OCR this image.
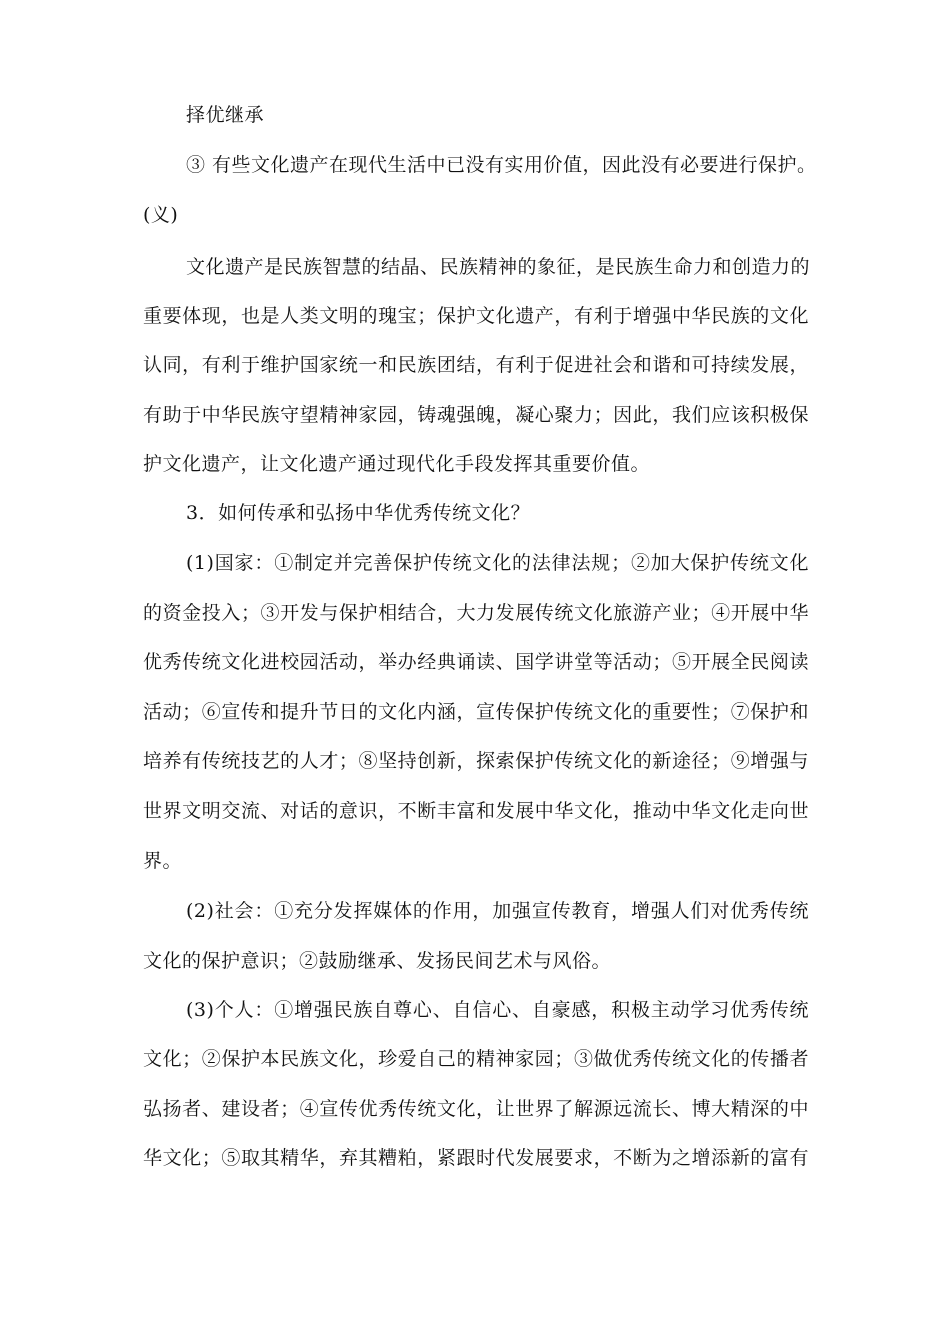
择优继承
③ 有些文化遗产在现代生活中已没有实用价值，因此没有必要进行保护。
(义)
文化遗产是民族智慧的结晶、民族精神的象征，是民族生命力和创造力的
重要体现，也是人类文明的瑰宝；保护文化遗产，有利于增强中华民族的文化
认同，有利于维护国家统一和民族团结，有利于促进社会和谐和可持续发展，
有助于中华民族守望精神家园，铸魂强魄，凝心聚力；因此，我们应该积极保
护文化遗产，让文化遗产通过现代化手段发挥其重要价值。
3．如何传承和弘扬中华优秀传统文化？
(1)国家：①制定并完善保护传统文化的法律法规；②加大保护传统文化
的资金投入；③开发与保护相结合，大力发展传统文化旅游产业；④开展中华
优秀传统文化进校园活动，举办经典诵读、国学讲堂等活动；⑤开展全民阅读
活动；⑥宣传和提升节日的文化内涵，宣传保护传统文化的重要性；⑦保护和
培养有传统技艺的人才；⑧坚持创新，探索保护传统文化的新途径；⑨增强与
世界文明交流、对话的意识，不断丰富和发展中华文化，推动中华文化走向世
界。
(2)社会：①充分发挥媒体的作用，加强宣传教育，增强人们对优秀传统
文化的保护意识；②鼓励继承、发扬民间艺术与风俗。
(3)个人：①增强民族自尊心、自信心、自豪感，积极主动学习优秀传统
文化；②保护本民族文化，珍爱自己的精神家园；③做优秀传统文化的传播者
弘扬者、建设者；④宣传优秀传统文化，让世界了解源远流长、博大精深的中
华文化；⑤取其精华，弃其糟粕，紧跟时代发展要求，不断为之增添新的富有
